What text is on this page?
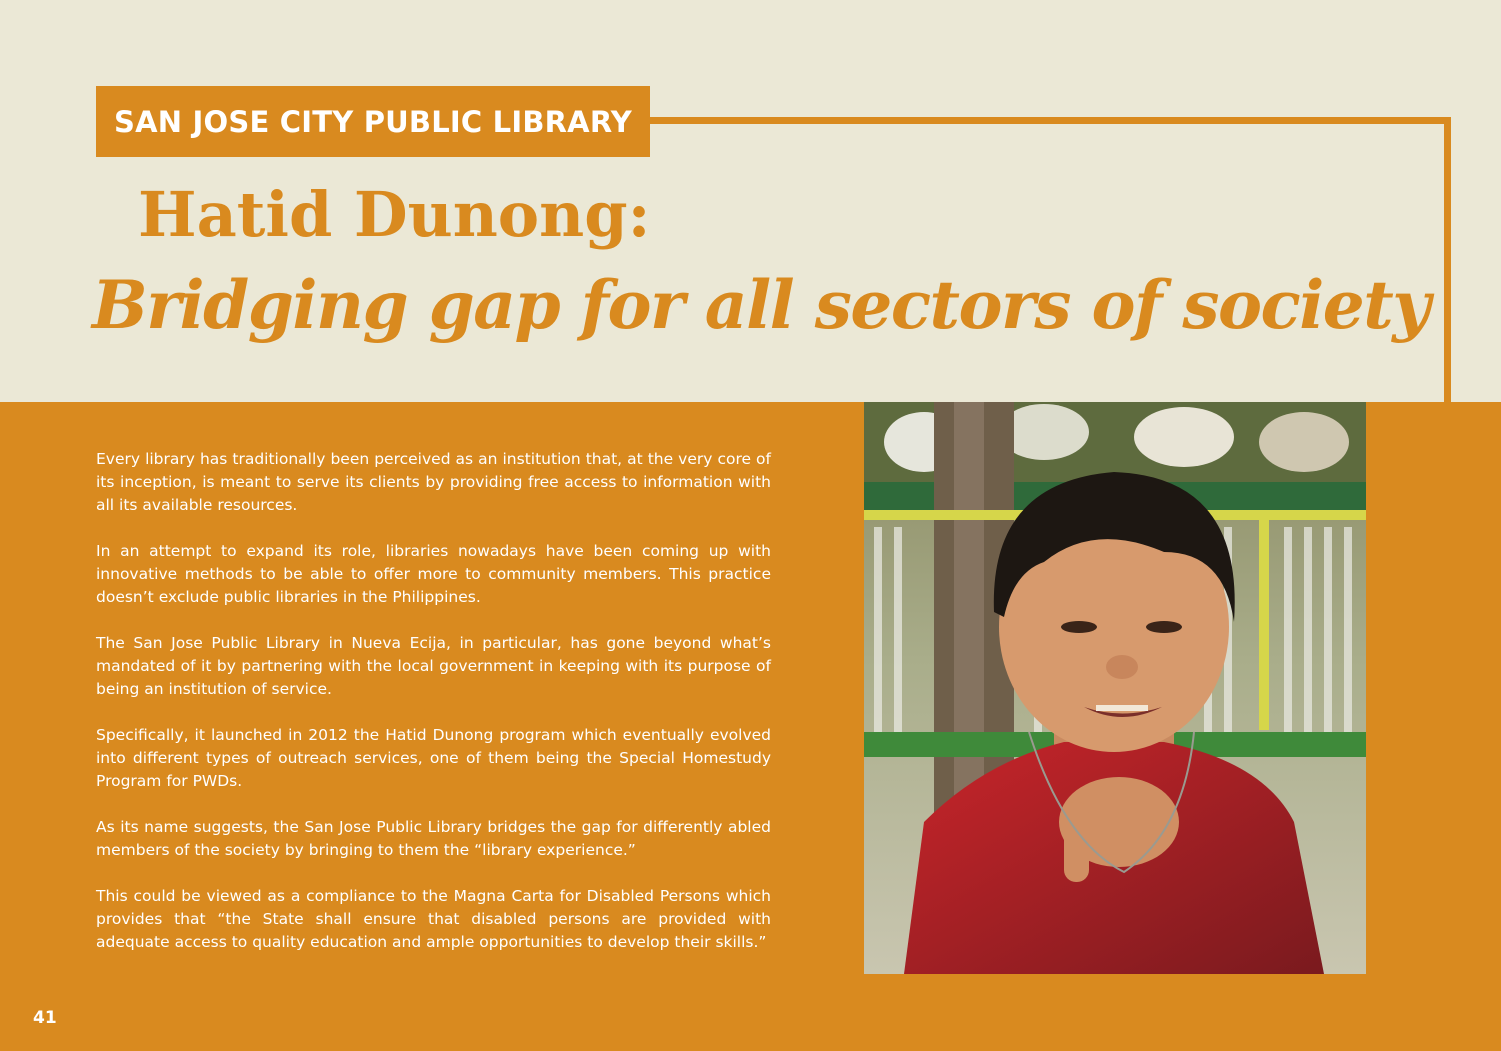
SAN JOSE CITY PUBLIC LIBRARY
Hatid Dunong:
Bridging gap for all sectors of society

Every library has traditionally been perceived as an institution that, at the very core of its inception, is meant to serve its clients by providing free access to information with all its available resources.

In an attempt to expand its role, libraries nowadays have been coming up with innovative methods to be able to offer more to community members. This practice doesn’t exclude public libraries in the Philippines.

The San Jose Public Library in Nueva Ecija, in particular, has gone beyond what’s mandated of it by partnering with the local government in keeping with its purpose of being an institution of service.

Specifically, it launched in 2012 the Hatid Dunong program which eventually evolved into different types of outreach services, one of them being the Special Homestudy Program for PWDs.

As its name suggests, the San Jose Public Library bridges the gap for differently abled members of the society by bringing to them the “library experience.”

This could be viewed as a compliance to the Magna Carta for Disabled Persons which provides that “the State shall ensure that disabled persons are provided with adequate access to quality education and ample opportunities to develop their skills.”

41
